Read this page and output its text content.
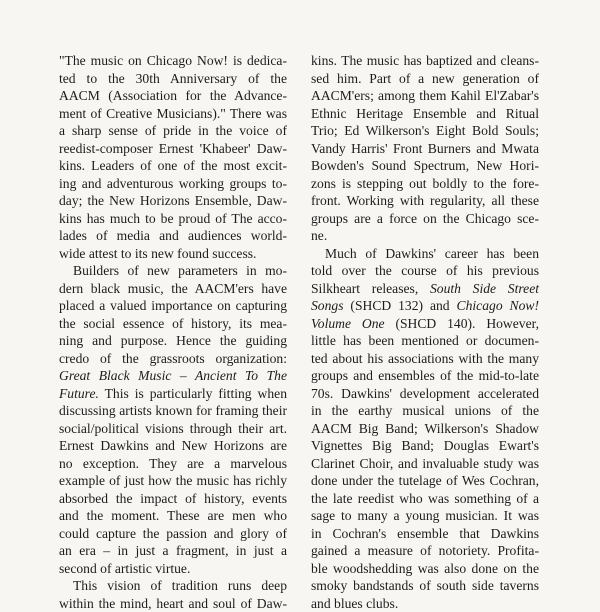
"The music on Chicago Now! is dedica-
ted to the 30th Anniversary of the
AACM (Association for the Advance-
ment of Creative Musicians)." There was
a sharp sense of pride in the voice of
reedist-composer Ernest 'Khabeer' Daw-
kins. Leaders of one of the most excit-
ing and adventurous working groups to-
day; the New Horizons Ensemble, Daw-
kins has much to be proud of The acco-
lades of media and audiences world-
wide attest to its new found success.
Builders of new parameters in mo-
dern black music, the AACM'ers have
placed a valued importance on capturing
the social essence of history, its mea-
ning and purpose. Hence the guiding
credo of the grassroots organization:
Great Black Music – Ancient To The
Future. This is particularly fitting when
discussing artists known for framing their
social/political visions through their art.
Ernest Dawkins and New Horizons are
no exception. They are a marvelous
example of just how the music has richly
absorbed the impact of history, events
and the moment. These are men who
could capture the passion and glory of
an era – in just a fragment, in just a
second of artistic virtue.
This vision of tradition runs deep
within the mind, heart and soul of Daw-
kins. The music has baptized and cleans-
sed him. Part of a new generation of
AACM'ers; among them Kahil El'Zabar's
Ethnic Heritage Ensemble and Ritual
Trio; Ed Wilkerson's Eight Bold Souls;
Vandy Harris' Front Burners and Mwata
Bowden's Sound Spectrum, New Hori-
zons is stepping out boldly to the fore-
front. Working with regularity, all these
groups are a force on the Chicago sce-
ne.
Much of Dawkins' career has been
told over the course of his previous
Silkheart releases, South Side Street
Songs (SHCD 132) and Chicago Now!
Volume One (SHCD 140). However,
little has been mentioned or documen-
ted about his associations with the many
groups and ensembles of the mid-to-late
70s. Dawkins' development accelerated
in the earthy musical unions of the
AACM Big Band; Wilkerson's Shadow
Vignettes Big Band; Douglas Ewart's
Clarinet Choir, and invaluable study was
done under the tutelage of Wes Cochran,
the late reedist who was something of a
sage to many a young musician. It was
in Cochran's ensemble that Dawkins
gained a measure of notoriety. Profita-
ble woodshedding was also done on the
smoky bandstands of south side taverns
and blues clubs.
